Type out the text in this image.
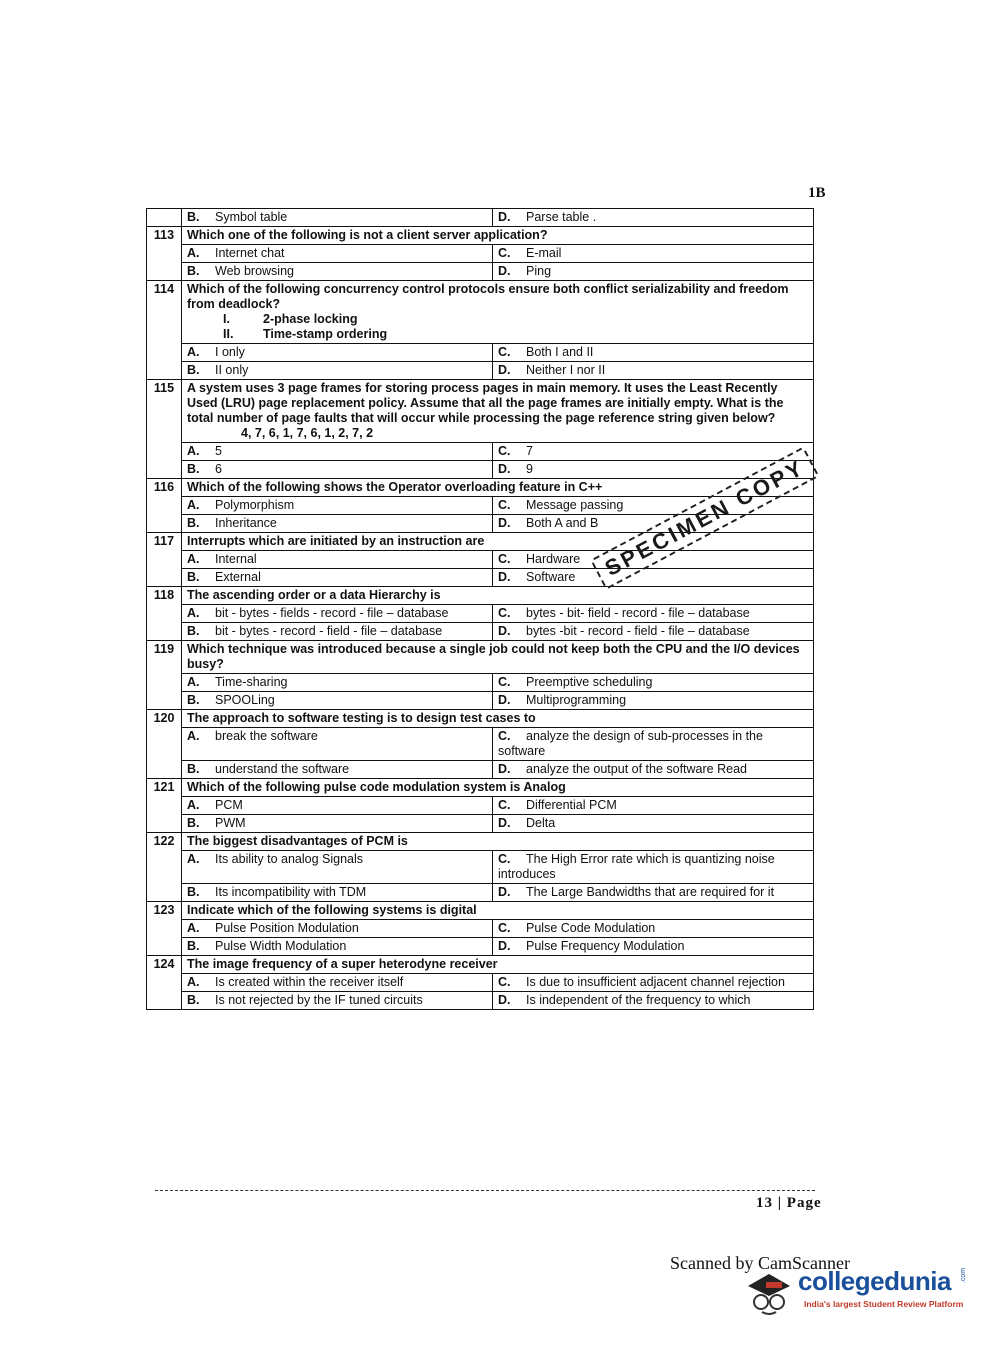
1B
	B. Symbol table	D. Parse table .
113	Which one of the following is not a client server application?	
	A. Internet chat	C. E-mail
	B. Web browsing	D. Ping
114	Which of the following concurrency control protocols ensure both conflict serializability and freedom from deadlock?
I. 2-phase locking
II. Time-stamp ordering	

	A. I only	C. Both I and II
	B. II only	D. Neither I nor II
115	A system uses 3 page frames for storing process pages in main memory. It uses the Least Recently Used (LRU) page replacement policy. Assume that all the page frames are initially empty. What is the total number of page faults that will occur while processing the page reference string given below?
4, 7, 6, 1, 7, 6, 1, 2, 7, 2	

	A. 5	C. 7
	B. 6	D. 9
116	Which of the following shows the Operator overloading feature in C++	
	A. Polymorphism	C. Message passing
	B. Inheritance	D. Both A and B
117	Interrupts which are initiated by an instruction are	
	A. Internal	C. Hardware
	B. External	D. Software
118	The ascending order or a data Hierarchy is	
	A. bit - bytes - fields - record - file – database	C. bytes - bit- field - record - file – database
	B. bit - bytes - record - field - file – database	D. bytes -bit - record - field - file – database
119	Which technique was introduced because a single job could not keep both the CPU and the I/O devices busy?	
	A. Time-sharing	C. Preemptive scheduling
	B. SPOOLing	D. Multiprogramming
120	The approach to software testing is to design test cases to	
	A. break the software	C. analyze the design of sub-processes in the software
	B. understand the software	D. analyze the output of the software Read
121	Which of the following pulse code modulation system is Analog	
	A. PCM	C. Differential PCM
	B. PWM	D. Delta
122	The biggest disadvantages of PCM is	
	A. Its ability to analog Signals	C. The High Error rate which is quantizing noise introduces
	B. Its incompatibility with TDM	D. The Large Bandwidths that are required for it
123	Indicate which of the following systems is digital	
	A. Pulse Position Modulation	C. Pulse Code Modulation
	B. Pulse Width Modulation	D. Pulse Frequency Modulation
124	The image frequency of a super heterodyne receiver	
	A. Is created within the receiver itself	C. Is due to insufficient adjacent channel rejection
	B. Is not rejected by the IF tuned circuits	D. Is independent of the frequency to which
SPECIMEN COPY
13 | Page
Scanned by CamScanner
collegedunia .com
India's largest Student Review Platform
